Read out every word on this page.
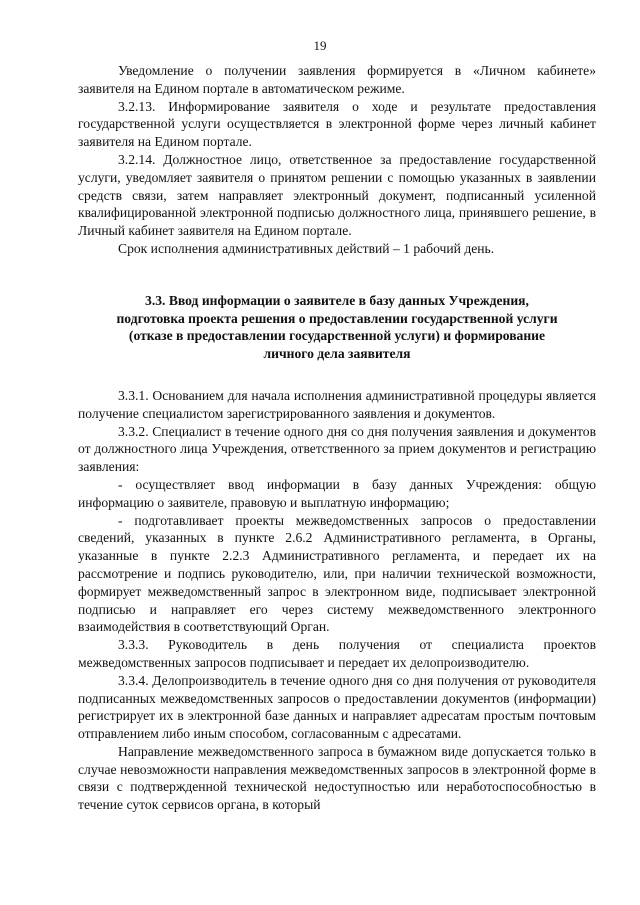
19

Уведомление о получении заявления формируется в «Личном кабинете» заявителя на Едином портале в автоматическом режиме.

3.2.13. Информирование заявителя о ходе и результате предоставления государственной услуги осуществляется в электронной форме через личный кабинет заявителя на Едином портале.

3.2.14. Должностное лицо, ответственное за предоставление государственной услуги, уведомляет заявителя о принятом решении с помощью указанных в заявлении средств связи, затем направляет электронный документ, подписанный усиленной квалифицированной электронной подписью должностного лица, принявшего решение, в Личный кабинет заявителя на Едином портале.

Срок исполнения административных действий – 1 рабочий день.

3.3. Ввод информации о заявителе в базу данных Учреждения,
подготовка проекта решения о предоставлении государственной услуги
(отказе в предоставлении государственной услуги) и формирование
личного дела заявителя

3.3.1. Основанием для начала исполнения административной процедуры является получение специалистом зарегистрированного заявления и документов.

3.3.2. Специалист в течение одного дня со дня получения заявления и документов от должностного лица Учреждения, ответственного за прием документов и регистрацию заявления:

- осуществляет ввод информации в базу данных Учреждения: общую информацию о заявителе, правовую и выплатную информацию;

- подготавливает проекты межведомственных запросов о предоставлении сведений, указанных в пункте 2.6.2 Административного регламента, в Органы, указанные в пункте 2.2.3 Административного регламента, и передает их на рассмотрение и подпись руководителю, или, при наличии технической возможности, формирует межведомственный запрос в электронном виде, подписывает электронной подписью и направляет его через систему межведомственного электронного взаимодействия в соответствующий Орган.

3.3.3. Руководитель в день получения от специалиста проектов межведомственных запросов подписывает и передает их делопроизводителю.

3.3.4. Делопроизводитель в течение одного дня со дня получения от руководителя подписанных межведомственных запросов о предоставлении документов (информации) регистрирует их в электронной базе данных и направляет адресатам простым почтовым отправлением либо иным способом, согласованным с адресатами.

Направление межведомственного запроса в бумажном виде допускается только в случае невозможности направления межведомственных запросов в электронной форме в связи с подтвержденной технической недоступностью или неработоспособностью в течение суток сервисов органа, в который
